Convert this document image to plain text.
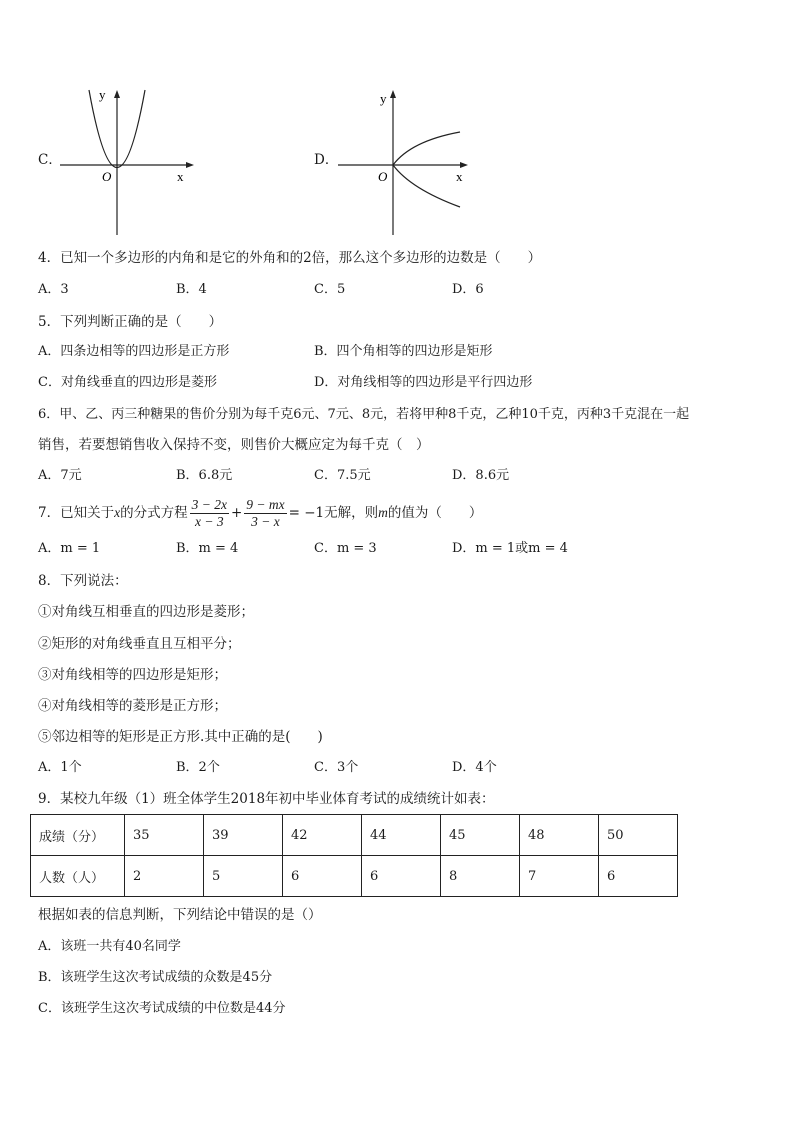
C．
y
x
O
D．
y
x
O
4．已知一个多边形的内角和是它的外角和的2倍，那么这个多边形的边数是（　　）
A．3	B．4	C．5	D．6
5．下列判断正确的是（　　）
A．四条边相等的四边形是正方形	B．四个角相等的四边形是矩形
C．对角线垂直的四边形是菱形	D．对角线相等的四边形是平行四边形
6．甲、乙、丙三种糖果的售价分别为每千克6元、7元、8元，若将甲种8千克，乙种10千克，丙种3千克混在一起
销售，若要想销售收入保持不变，则售价大概应定为每千克（　）
A．7元	B．6.8元	C．7.5元	D．8.6元
7．已知关于 x 的分式方程 $\frac{3 - 2x}{x - 3} + \frac{9 - mx}{3 - x} = -1$无解，则 m 的值为（　　）
A．m = 1	B．m = 4	C．m = 3	D．m = 1或m = 4
8．下列说法：
①对角线互相垂直的四边形是菱形；
②矩形的对角线垂直且互相平分；
③对角线相等的四边形是矩形；
④对角线相等的菱形是正方形；
⑤邻边相等的矩形是正方形.其中正确的是(　　)
A．1个	B．2个	C．3个	D．4个
9．某校九年级（1）班全体学生2018年初中毕业体育考试的成绩统计如表：
成绩（分）	35	39	42	44	45	48	50
人数（人）	2	5	6	6	8	7	6
根据如表的信息判断，下列结论中错误的是（）
A．该班一共有40名同学
B．该班学生这次考试成绩的众数是45分
C．该班学生这次考试成绩的中位数是44分
